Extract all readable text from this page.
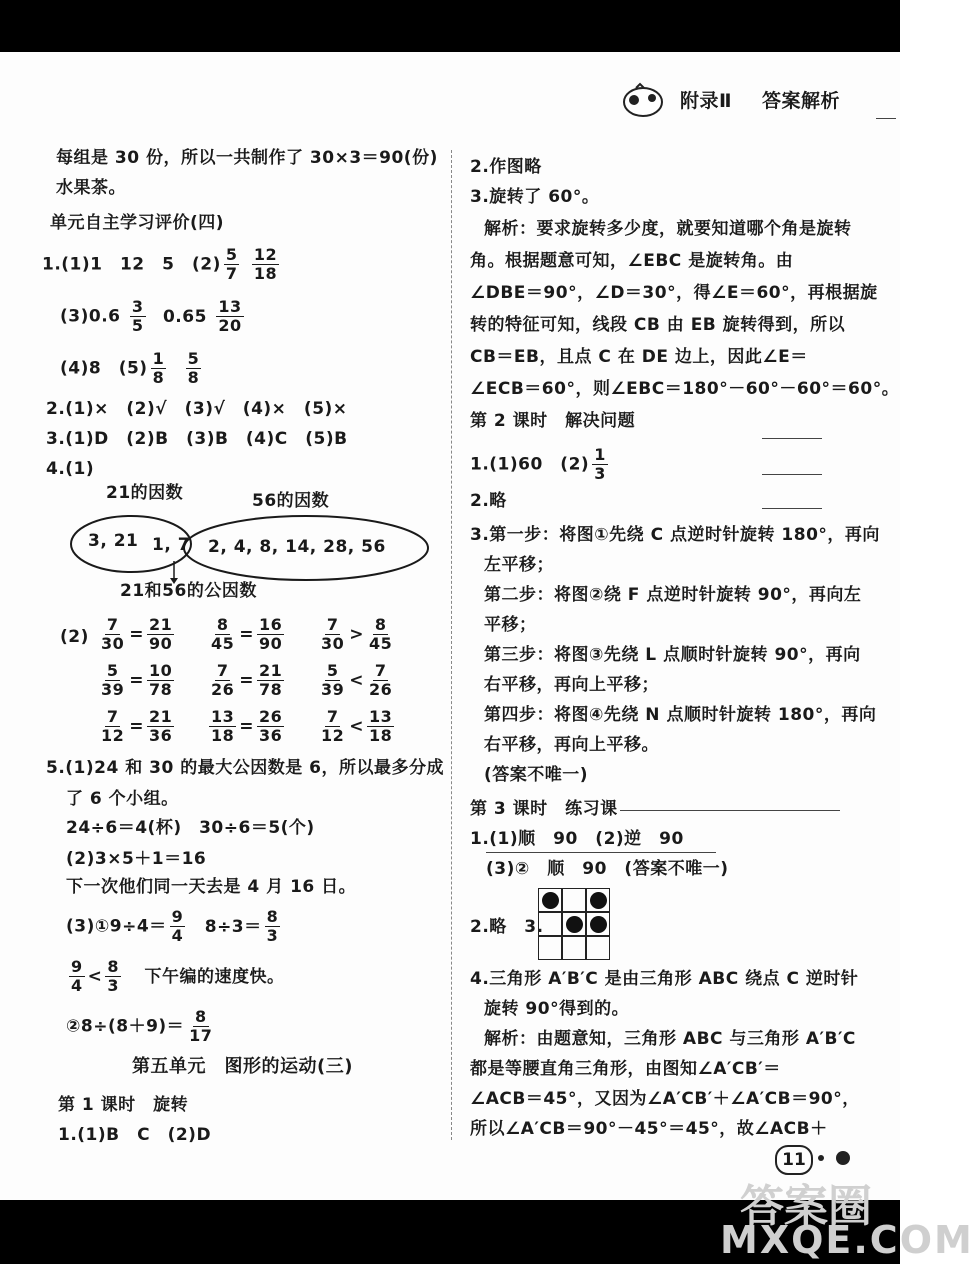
附录Ⅱ 答案解析
每组是 30 份，所以一共制作了 30×3＝90(份)
水果茶。
单元自主学习评价(四)
1.(1)1　12　5　$(2) \frac{5}{7}$
$\frac{12}{18}$
$(3)0.6 \frac{3}{5} 0.65 \frac{13}{20}$
(4)8　$(5) \frac{1}{8}$
$\frac{5}{8}$
2.(1)×　(2)√　(3)√　(4)×　(5)×
3.(1)D　(2)B　(3)B　(4)C　(5)B
4.(1)
21的因数	56的因数
3, 21 1, 7 2, 4, 8, 14, 28, 56
21和56的公因数
$(2) \frac{7}{30} = \frac{21}{90} \frac{8}{45} = \frac{16}{90} \frac{7}{30} > \frac{8}{45}$
$\frac{5}{39} = \frac{10}{78} \frac{7}{26} = \frac{21}{78} \frac{5}{39} < \frac{7}{26}$
$\frac{7}{12} = \frac{21}{36} \frac{13}{18} = \frac{26}{36} \frac{7}{12} < \frac{13}{18}$
5.(1)24 和 30 的最大公因数是 6，所以最多分成
了 6 个小组。
24÷6＝4(杯)　30÷6＝5(个)
(2)3×5＋1＝16
下一次他们同一天去是 4 月 16 日。
(3)①9÷4＝ $\frac{9}{4} 8\div 3= \frac{8}{3}$
$\frac{9}{4} < \frac{8}{3}$ 下午编的速度快。
②8÷(8＋9)＝ $\frac{8}{17}$
第五单元　图形的运动(三)
第 1 课时　旋转
1.(1)B　C　(2)D
2.作图略
3.旋转了 60°。
解析：要求旋转多少度，就要知道哪个角是旋转
角。根据题意可知，∠EBC 是旋转角。由
∠DBE＝90°，∠D＝30°，得∠E＝60°，再根据旋
转的特征可知，线段 CB 由 EB 旋转得到，所以
CB＝EB，且点 C 在 DE 边上，因此∠E＝
∠ECB＝60°，则∠EBC＝180°－60°－60°＝60°。
第 2 课时　解决问题
1.(1)60　$(2) \frac{1}{3}$
2.略
3.第一步：将图①先绕 C 点逆时针旋转 180°，再向
左平移；
第二步：将图②绕 F 点逆时针旋转 90°，再向左
平移；
第三步：将图③先绕 L 点顺时针旋转 90°，再向
右平移，再向上平移；
第四步：将图④先绕 N 点顺时针旋转 180°，再向
右平移，再向上平移。
(答案不唯一)
第 3 课时　练习课
1.(1)顺　90　(2)逆　90
(3)②　顺　90　(答案不唯一)
2.略　3.
4.三角形 A′B′C 是由三角形 ABC 绕点 C 逆时针
旋转 90°得到的。
解析：由题意知，三角形 ABC 与三角形 A′B′C
都是等腰直角三角形，由图知∠A′CB′＝
∠ACB＝45°，又因为∠A′CB′＋∠A′CB＝90°，
所以∠A′CB＝90°－45°＝45°，故∠ACB＋
11
答案圈
MXQE.COM
